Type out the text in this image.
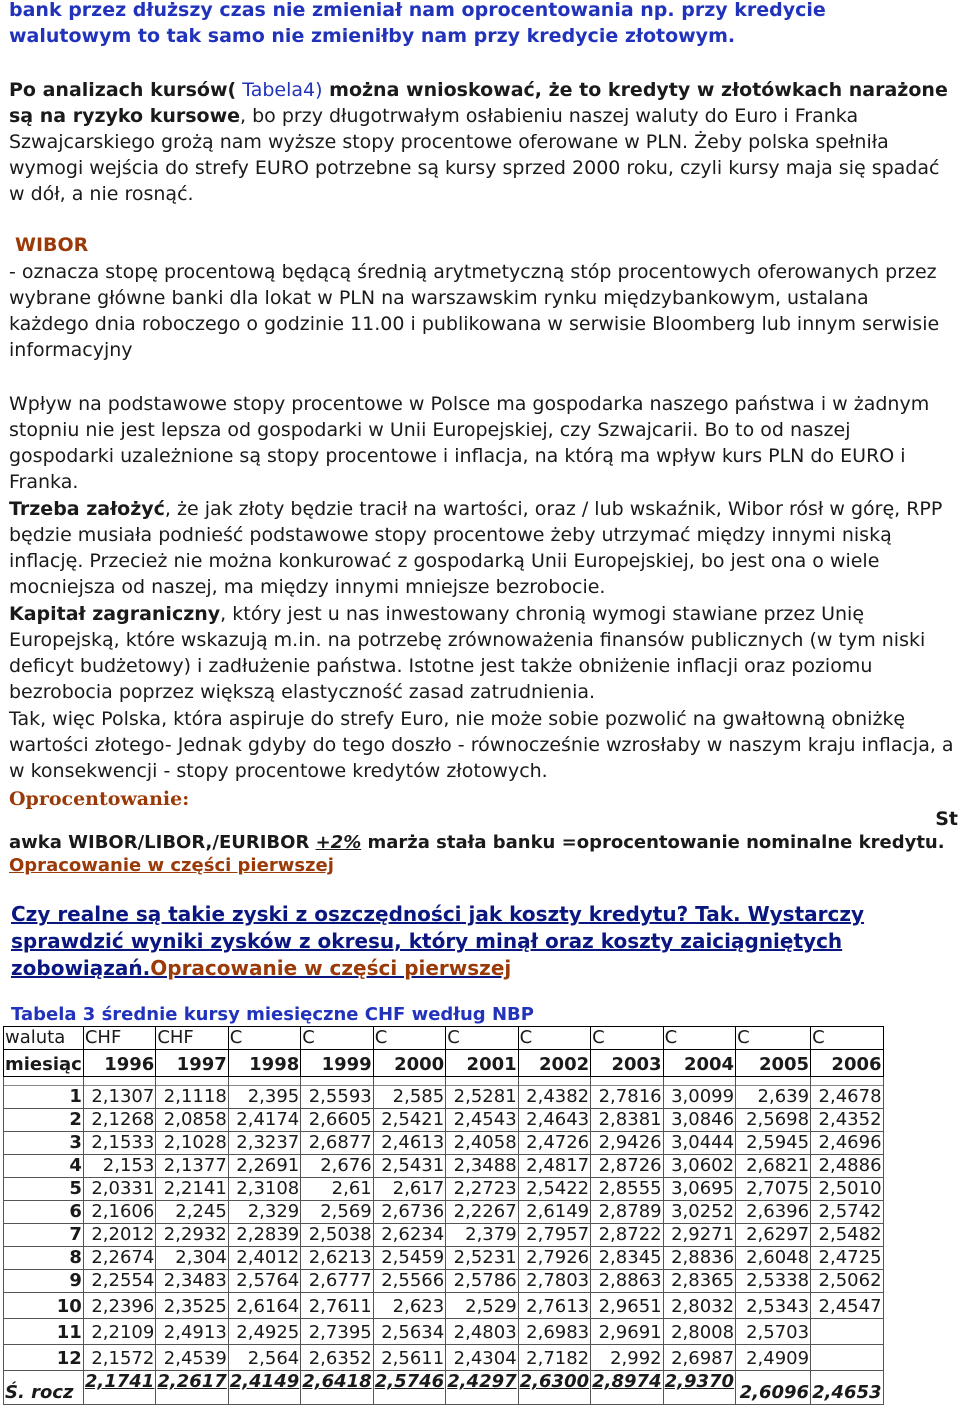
bank przez dłuższy czas nie zmieniał nam oprocentowania np. przy kredycie walutowym to tak samo nie zmieniłby nam przy kredycie złotowym.
Po analizach kursów( Tabela4) można wnioskować, że to kredyty w złotówkach narażone są na ryzyko kursowe, bo przy długotrwałym osłabieniu naszej waluty do Euro i Franka Szwajcarskiego grożą nam wyższe stopy procentowe oferowane w PLN. Żeby polska spełniła wymogi wejścia do strefy EURO potrzebne są kursy sprzed 2000 roku, czyli kursy maja się spadać w dół, a nie rosnąć.
WIBOR
- oznacza stopę procentową będącą średnią arytmetyczną stóp procentowych oferowanych przez wybrane główne banki dla lokat w PLN na warszawskim rynku międzybankowym, ustalana każdego dnia roboczego o godzinie 11.00 i publikowana w serwisie Bloomberg lub innym serwisie informacyjny
Wpływ na podstawowe stopy procentowe w Polsce ma gospodarka naszego państwa i w żadnym stopniu nie jest lepsza od gospodarki w Unii Europejskiej, czy Szwajcarii. Bo to od naszej gospodarki uzależnione są stopy procentowe i inflacja, na którą ma wpływ kurs PLN do EURO i Franka.
Trzeba założyć, że jak złoty będzie tracił na wartości, oraz / lub wskaźnik, Wibor rósł w górę, RPP będzie musiała podnieść podstawowe stopy procentowe żeby utrzymać między innymi niską inflację. Przecież nie można konkurować z gospodarką Unii Europejskiej, bo jest ona o wiele mocniejsza od naszej, ma między innymi mniejsze bezrobocie.
Kapitał zagraniczny, który jest u nas inwestowany chronią wymogi stawiane przez Unię Europejską, które wskazują m.in. na potrzebę zrównoważenia finansów publicznych (w tym niski deficyt budżetowy) i zadłużenie państwa. Istotne jest także obniżenie inflacji oraz poziomu bezrobocia poprzez większą elastyczność zasad zatrudnienia.
Tak, więc Polska, która aspiruje do strefy Euro, nie może sobie pozwolić na gwałtowną obniżkę wartości złotego- Jednak gdyby do tego doszło - równocześnie wzrosłaby w naszym kraju inflacja, a w konsekwencji - stopy procentowe kredytów złotowych.
Oprocentowanie:
St
awka WIBOR/LIBOR,/EURIBOR +2% marża stała banku =oprocentowanie nominalne kredytu.
Opracowanie w części pierwszej
Czy realne są takie zyski z oszczędności jak koszty kredytu? Tak. Wystarczy sprawdzić wyniki zysków z okresu, który minął oraz koszty zaiciągniętych zobowiązań.Opracowanie w części pierwszej
Tabela 3 średnie kursy miesięczne CHF według NBP
waluta	CHF	CHF	C	C	C	C	C	C	C	C	C
miesiąc	1996	1997	1998	1999	2000	2001	2002	2003	2004	2005	2006

1	2,1307	2,1118	2,395	2,5593	2,585	2,5281	2,4382	2,7816	3,0099	2,639	2,4678
2	2,1268	2,0858	2,4174	2,6605	2,5421	2,4543	2,4643	2,8381	3,0846	2,5698	2,4352
3	2,1533	2,1028	2,3237	2,6877	2,4613	2,4058	2,4726	2,9426	3,0444	2,5945	2,4696
4	2,153	2,1377	2,2691	2,676	2,5431	2,3488	2,4817	2,8726	3,0602	2,6821	2,4886
5	2,0331	2,2141	2,3108	2,61	2,617	2,2723	2,5422	2,8555	3,0695	2,7075	2,5010
6	2,1606	2,245	2,329	2,569	2,6736	2,2267	2,6149	2,8789	3,0252	2,6396	2,5742
7	2,2012	2,2932	2,2839	2,5038	2,6234	2,379	2,7957	2,8722	2,9271	2,6297	2,5482
8	2,2674	2,304	2,4012	2,6213	2,5459	2,5231	2,7926	2,8345	2,8836	2,6048	2,4725
9	2,2554	2,3483	2,5764	2,6777	2,5566	2,5786	2,7803	2,8863	2,8365	2,5338	2,5062
10	2,2396	2,3525	2,6164	2,7611	2,623	2,529	2,7613	2,9651	2,8032	2,5343	2,4547
11	2,2109	2,4913	2,4925	2,7395	2,5634	2,4803	2,6983	2,9691	2,8008	2,5703	
12	2,1572	2,4539	2,564	2,6352	2,5611	2,4304	2,7182	2,992	2,6987	2,4909	
Ś. rocz	2,1741	2,2617	2,4149	2,6418	2,5746	2,4297	2,6300	2,8974	2,9370	2,6096	2,4653
